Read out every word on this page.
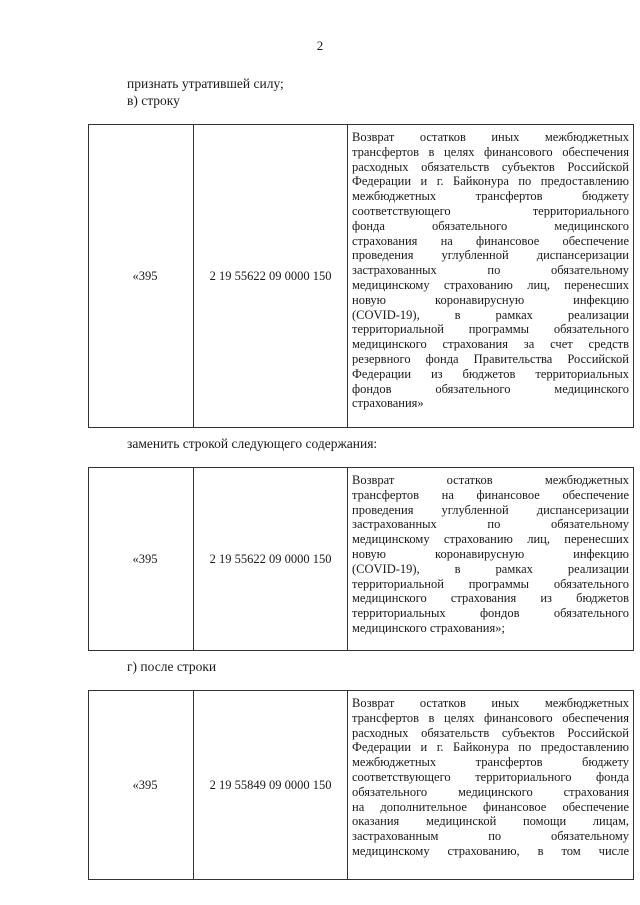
2
признать утратившей силу;
в) строку
«395	2 19 55622 09 0000 150	
Возврат остатков иных межбюджетных
трансфертов в целях финансового обеспечения
расходных обязательств субъектов Российской
Федерации и г. Байконура по предоставлению
межбюджетных трансфертов бюджету
соответствующего территориального
фонда обязательного медицинского
страхования на финансовое обеспечение
проведения углубленной диспансеризации
застрахованных по обязательному
медицинскому страхованию лиц, перенесших
новую коронавирусную инфекцию
(COVID-19), в рамках реализации
территориальной программы обязательного
медицинского страхования за счет средств
резервного фонда Правительства Российской
Федерации из бюджетов территориальных
фондов обязательного медицинского
страхования»
заменить строкой следующего содержания:
«395	2 19 55622 09 0000 150	
Возврат остатков межбюджетных
трансфертов на финансовое обеспечение
проведения углубленной диспансеризации
застрахованных по обязательному
медицинскому страхованию лиц, перенесших
новую коронавирусную инфекцию
(COVID-19), в рамках реализации
территориальной программы обязательного
медицинского страхования из бюджетов
территориальных фондов обязательного
медицинского страхования»;
г) после строки
«395	2 19 55849 09 0000 150	
Возврат остатков иных межбюджетных
трансфертов в целях финансового обеспечения
расходных обязательств субъектов Российской
Федерации и г. Байконура по предоставлению
межбюджетных трансфертов бюджету
соответствующего территориального фонда
обязательного медицинского страхования
на дополнительное финансовое обеспечение
оказания медицинской помощи лицам,
застрахованным по обязательному
медицинскому страхованию, в том числе
